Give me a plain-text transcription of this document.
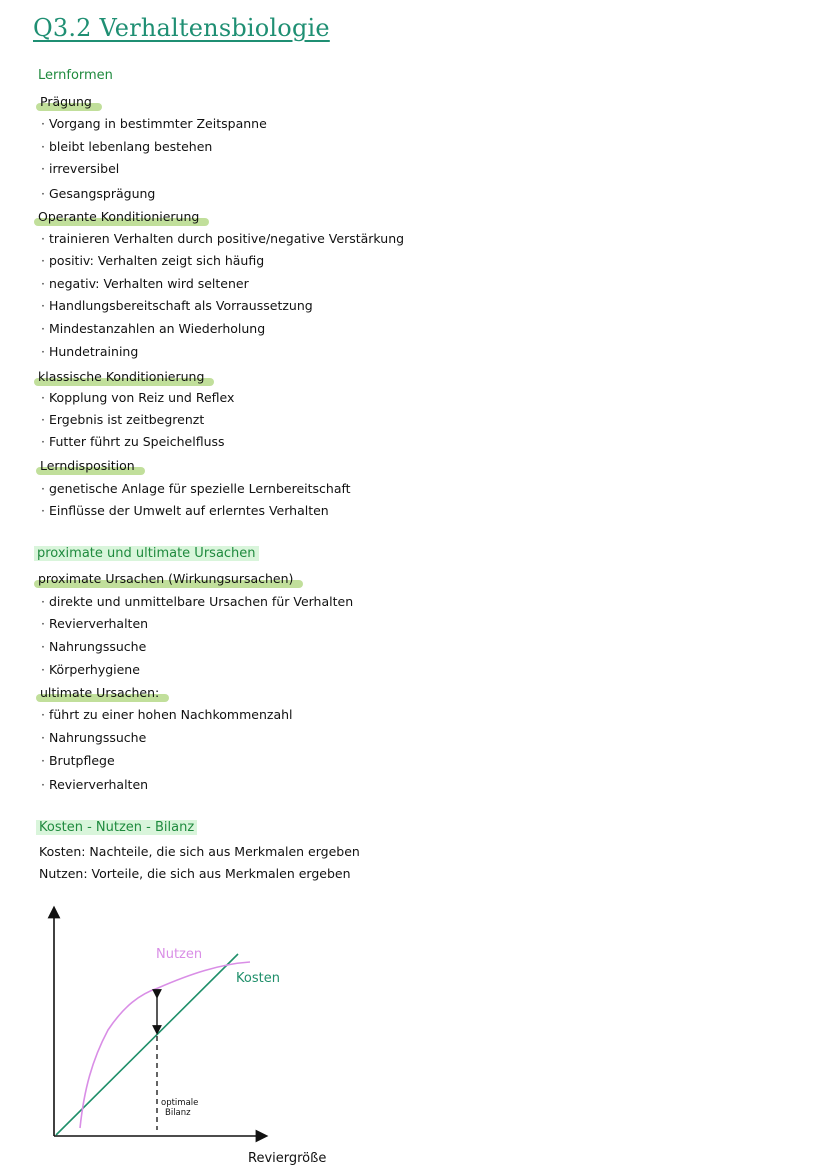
Q3.2 Verhaltensbiologie
Lernformen
Prägung
· Vorgang in bestimmter Zeitspanne
· bleibt lebenlang bestehen
· irreversibel
· Gesangsprägung
Operante Konditionierung
· trainieren Verhalten durch positive/negative Verstärkung
· positiv: Verhalten zeigt sich häufig
· negativ: Verhalten wird seltener
· Handlungsbereitschaft als Vorraussetzung
· Mindestanzahlen an Wiederholung
· Hundetraining
klassische Konditionierung
· Kopplung von Reiz und Reflex
· Ergebnis ist zeitbegrenzt
· Futter führt zu Speichelfluss
Lerndisposition
· genetische Anlage für spezielle Lernbereitschaft
· Einflüsse der Umwelt auf erlerntes Verhalten
proximate und ultimate Ursachen
proximate Ursachen (Wirkungsursachen)
· direkte und unmittelbare Ursachen für Verhalten
· Revierverhalten
· Nahrungssuche
· Körperhygiene
ultimate Ursachen:
· führt zu einer hohen Nachkommenzahl
· Nahrungssuche
· Brutpflege
· Revierverhalten
Kosten - Nutzen - Bilanz
Kosten: Nachteile, die sich aus Merkmalen ergeben
Nutzen: Vorteile, die sich aus Merkmalen ergeben
Nutzen
Kosten
optimale
Bilanz
Reviergröße
